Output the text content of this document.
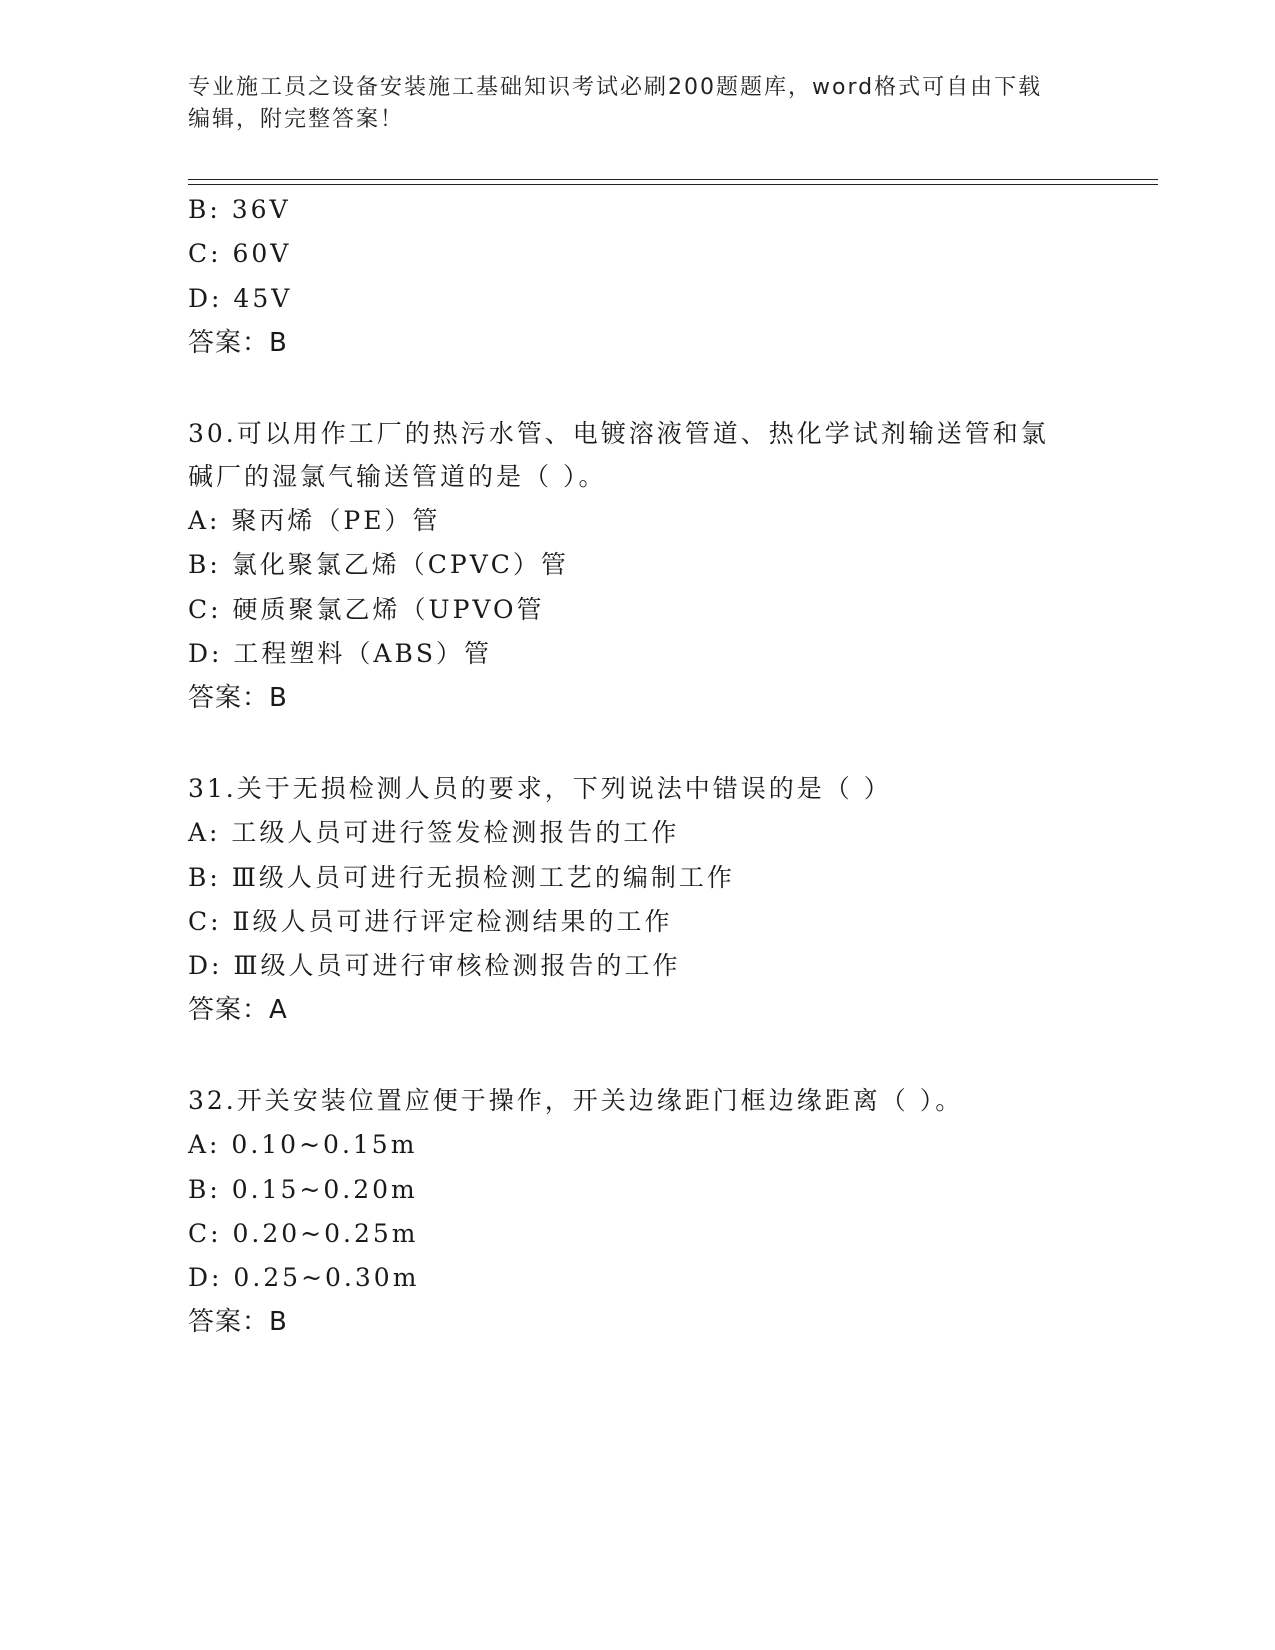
专业施工员之设备安装施工基础知识考试必刷200题题库，word格式可自由下载
编辑，附完整答案！
B: 36V
C: 60V
D: 45V
答案：B
30.可以用作工厂的热污水管、电镀溶液管道、热化学试剂输送管和氯
碱厂的湿氯气输送管道的是（ ）。
A: 聚丙烯（PE）管
B: 氯化聚氯乙烯（CPVC）管
C: 硬质聚氯乙烯（UPVO管
D: 工程塑料（ABS）管
答案：B
31.关于无损检测人员的要求，下列说法中错误的是（ ）
A: 工级人员可进行签发检测报告的工作
B: Ⅲ级人员可进行无损检测工艺的编制工作
C: Ⅱ级人员可进行评定检测结果的工作
D: Ⅲ级人员可进行审核检测报告的工作
答案：A
32.开关安装位置应便于操作，开关边缘距门框边缘距离（ ）。
A: 0.10~0.15m
B: 0.15~0.20m
C: 0.20~0.25m
D: 0.25~0.30m
答案：B
